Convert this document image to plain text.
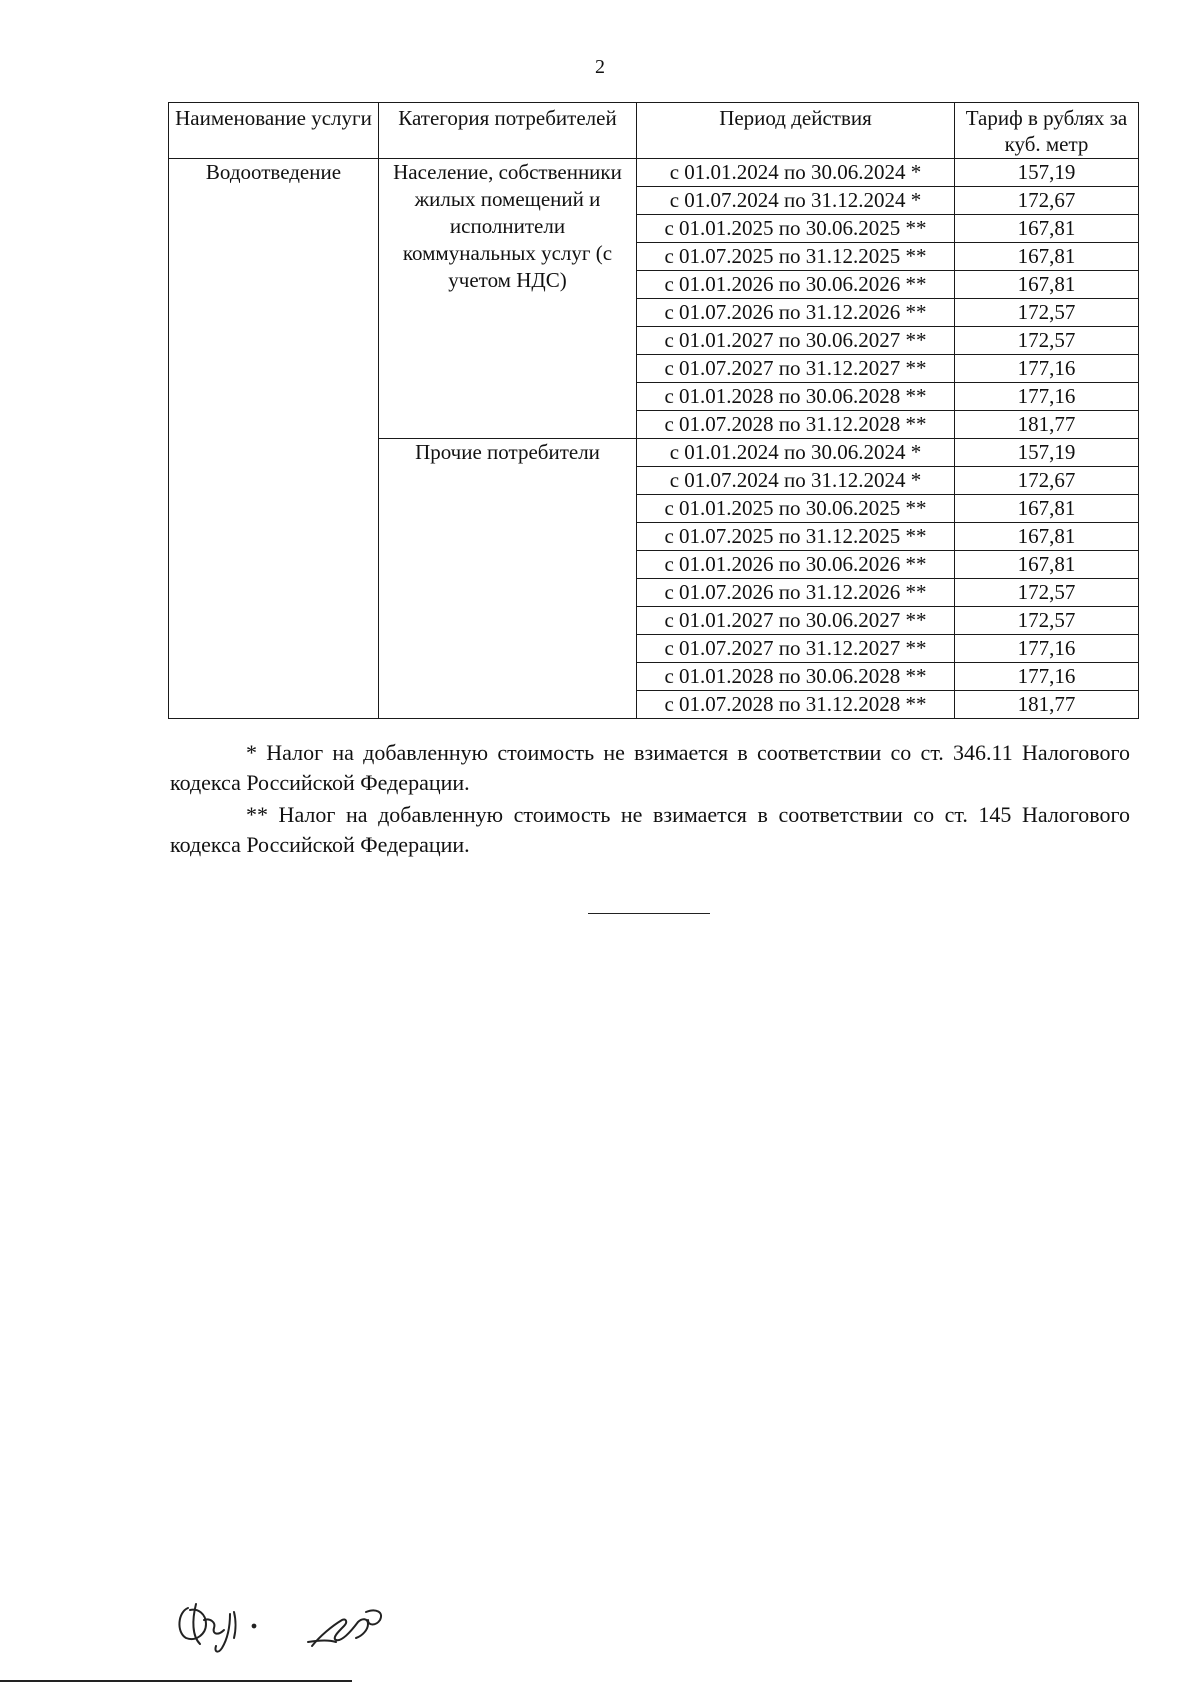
2
Наименование услуги	Категория потребителей	Период действия	Тариф в рублях за куб. метр
Водоотведение	Население, собственники жилых помещений и исполнители коммунальных услуг (с учетом НДС)	с 01.01.2024 по 30.06.2024 *	157,19
		с 01.07.2024 по 31.12.2024 *	172,67
		с 01.01.2025 по 30.06.2025 **	167,81
		с 01.07.2025 по 31.12.2025 **	167,81
		с 01.01.2026 по 30.06.2026 **	167,81
		с 01.07.2026 по 31.12.2026 **	172,57
		с 01.01.2027 по 30.06.2027 **	172,57
		с 01.07.2027 по 31.12.2027 **	177,16
		с 01.01.2028 по 30.06.2028 **	177,16
		с 01.07.2028 по 31.12.2028 **	181,77
	Прочие потребители	с 01.01.2024 по 30.06.2024 *	157,19
		с 01.07.2024 по 31.12.2024 *	172,67
		с 01.01.2025 по 30.06.2025 **	167,81
		с 01.07.2025 по 31.12.2025 **	167,81
		с 01.01.2026 по 30.06.2026 **	167,81
		с 01.07.2026 по 31.12.2026 **	172,57
		с 01.01.2027 по 30.06.2027 **	172,57
		с 01.07.2027 по 31.12.2027 **	177,16
		с 01.01.2028 по 30.06.2028 **	177,16
		с 01.07.2028 по 31.12.2028 **	181,77

* Налог на добавленную стоимость не взимается в соответствии со ст. 346.11 Налогового кодекса Российской Федерации.

** Налог на добавленную стоимость не взимается в соответствии со ст. 145 Налогового кодекса Российской Федерации.
